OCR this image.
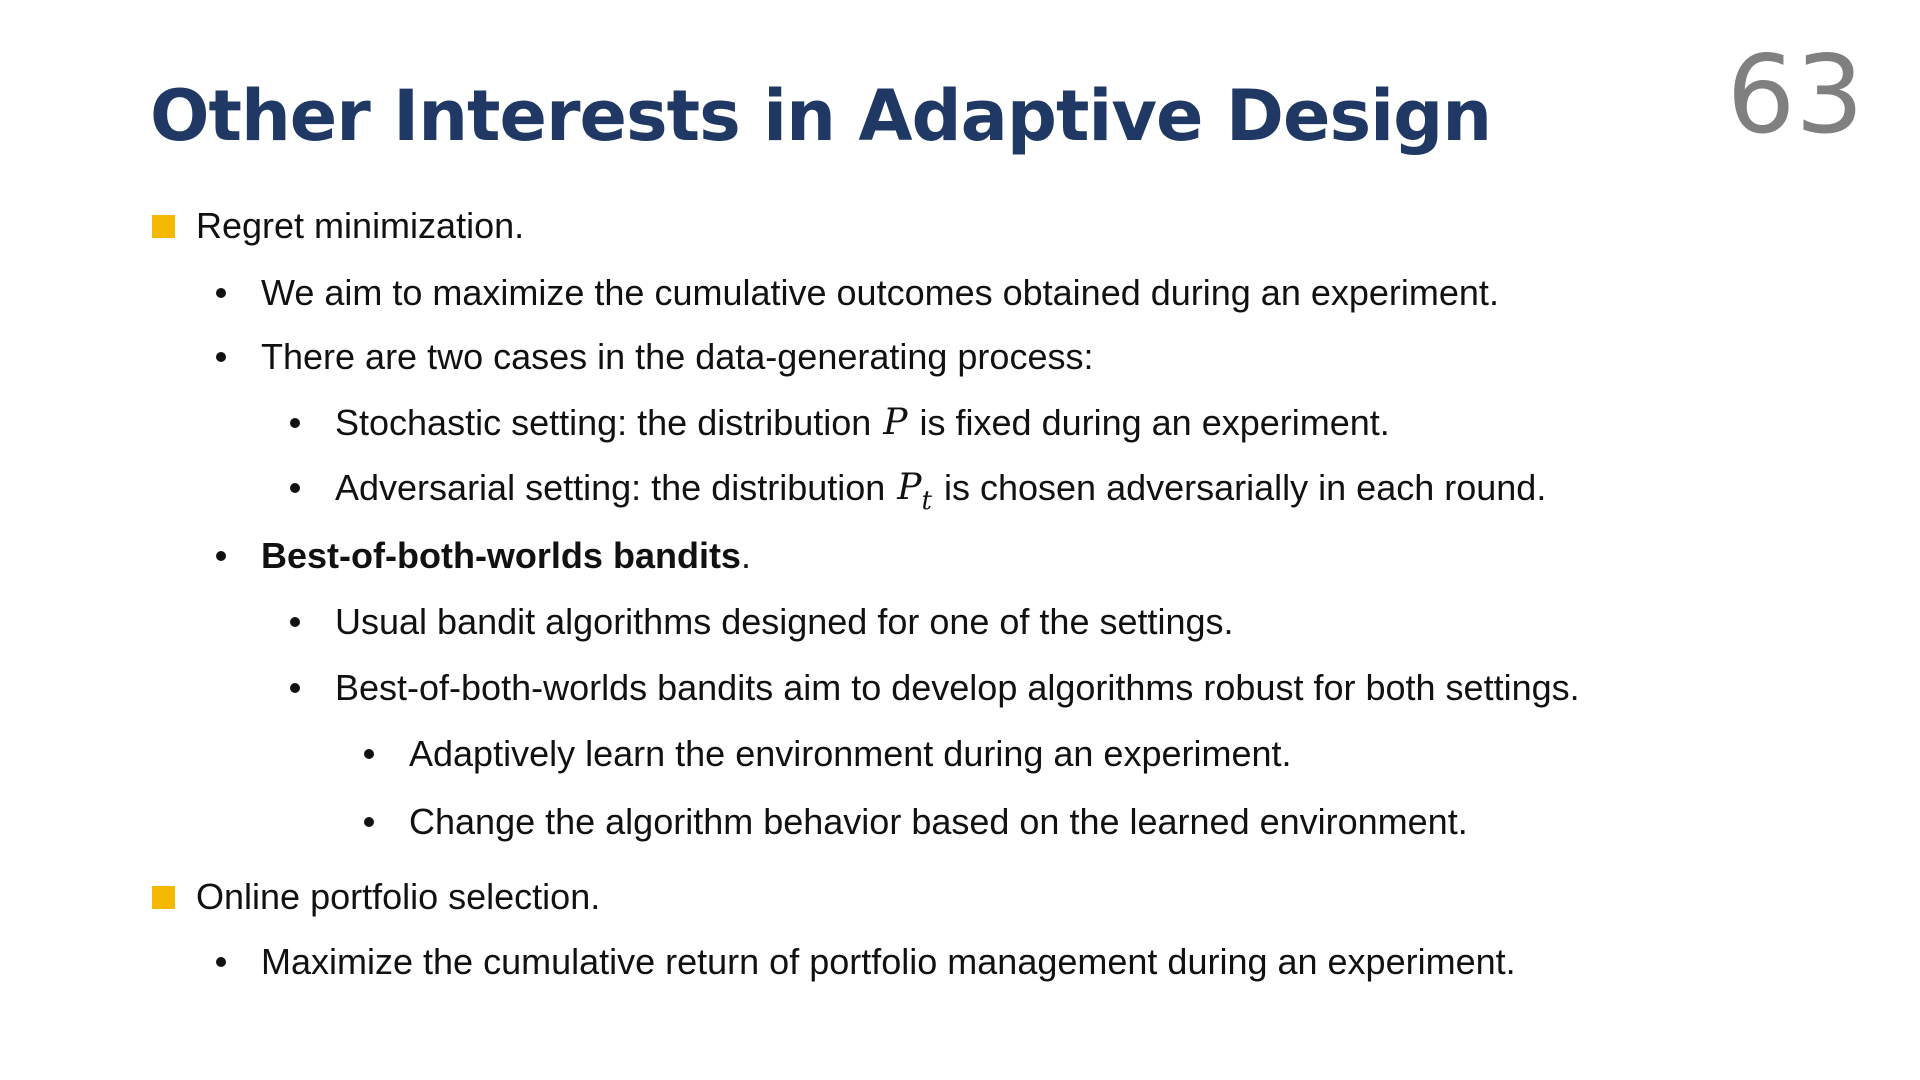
Other Interests in Adaptive Design 63
Regret minimization.
We aim to maximize the cumulative outcomes obtained during an experiment.
There are two cases in the data-generating process:
Stochastic setting: the distribution P is fixed during an experiment.
Adversarial setting: the distribution $P_t$ is chosen adversarially in each round.
Best-of-both-worlds bandits .
Usual bandit algorithms designed for one of the settings.
Best-of-both-worlds bandits aim to develop algorithms robust for both settings.
Adaptively learn the environment during an experiment.
Change the algorithm behavior based on the learned environment.
Online portfolio selection.
Maximize the cumulative return of portfolio management during an experiment.
